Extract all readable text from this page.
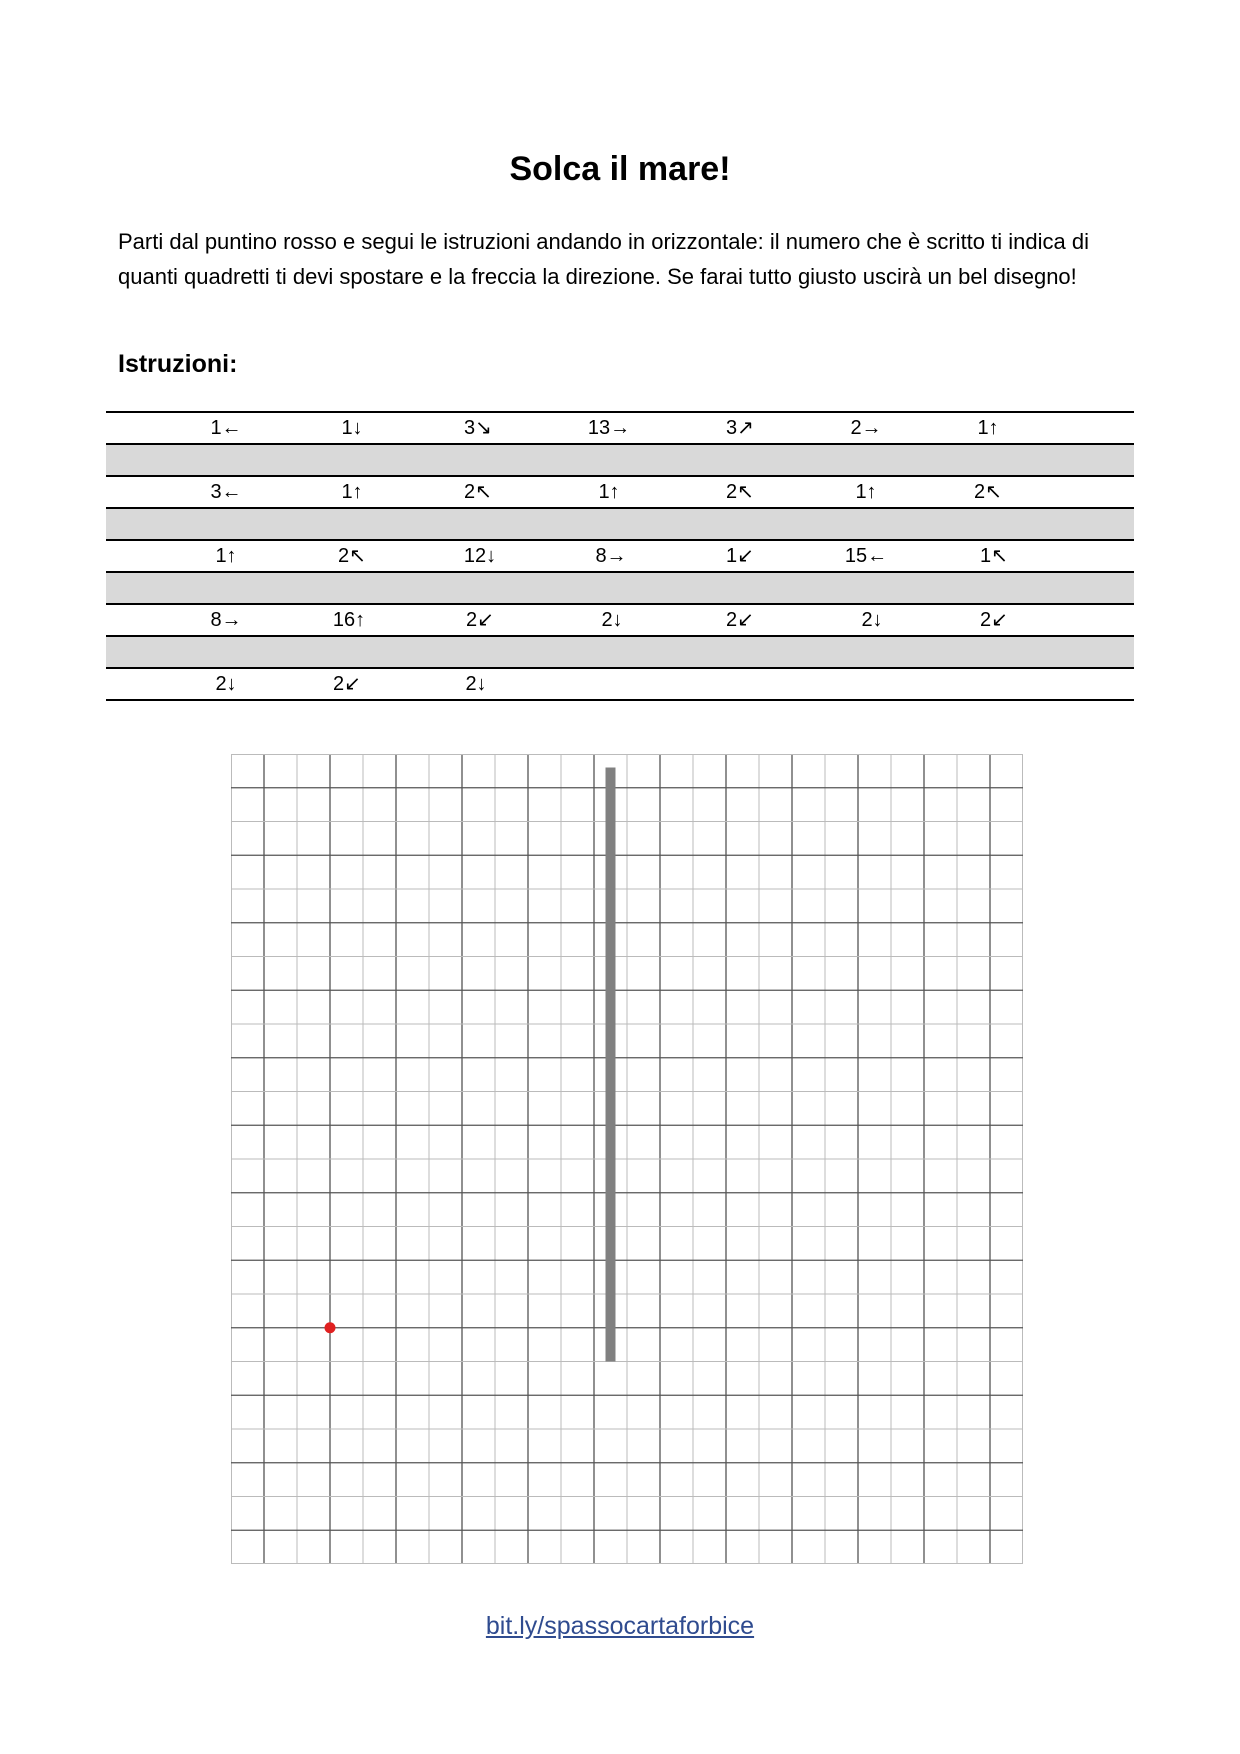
Solca il mare!
Parti dal puntino rosso e segui le istruzioni andando in orizzontale: il numero che è scritto ti indica di quanti quadretti ti devi spostare e la freccia la direzione. Se farai tutto giusto uscirà un bel disegno!
Istruzioni:
1←	1↓	3↘	13→	3↗	2→	1↑
3←	1↑	2↖	1↑	2↖	1↑	2↖
1↑	2↖	12↓	8→	1↙	15←	1↖
8→	16↑	2↙	2↓	2↙	2↓	2↙
2↓	2↙	2↓
bit.ly/spassocartaforbice
